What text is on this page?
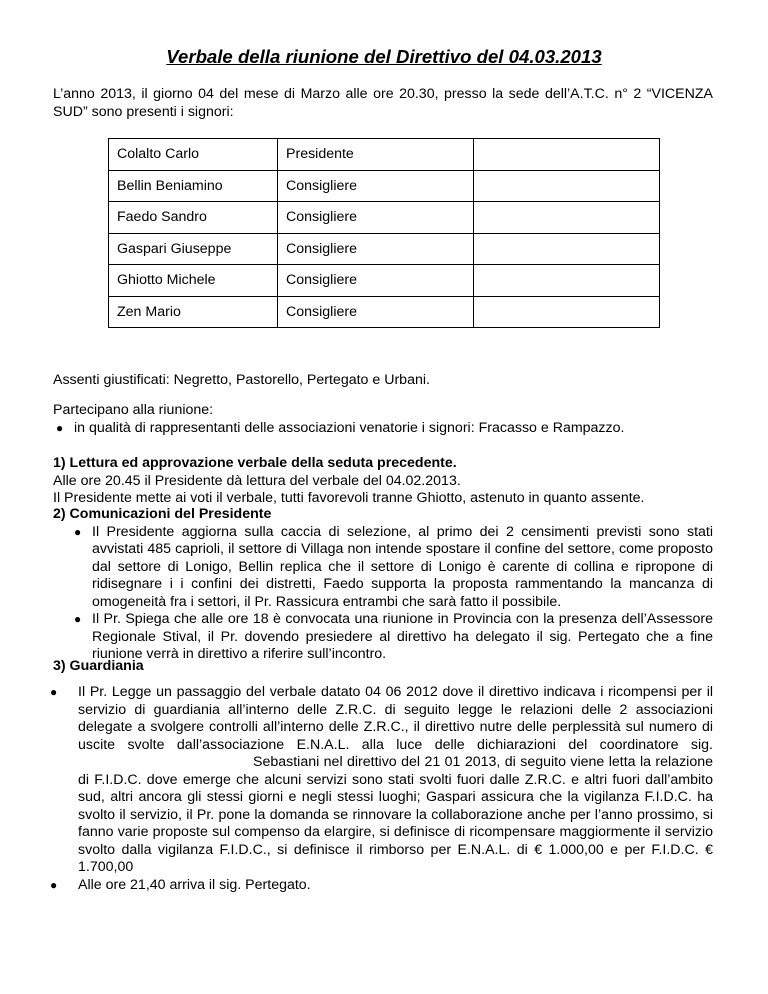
Verbale della riunione del Direttivo del 04.03.2013
L’anno 2013, il giorno 04 del mese di Marzo alle ore 20.30, presso la sede dell’A.T.C. n° 2 “VICENZA SUD” sono presenti i signori:
Colalto Carlo	Presidente	
Bellin Beniamino	Consigliere	
Faedo Sandro	Consigliere	
Gaspari Giuseppe	Consigliere	
Ghiotto Michele	Consigliere	
Zen Mario	Consigliere	
Assenti giustificati: Negretto, Pastorello, Pertegato e Urbani.
Partecipano alla riunione:
● in qualità di rappresentanti delle associazioni venatorie i signori: Fracasso e Rampazzo.
1) Lettura ed approvazione verbale della seduta precedente.
Alle ore 20.45 il Presidente dà lettura del verbale del 04.02.2013.
Il Presidente mette ai voti il verbale, tutti favorevoli tranne Ghiotto, astenuto in quanto assente.
2) Comunicazioni del Presidente
● Il Presidente aggiorna sulla caccia di selezione, al primo dei 2 censimenti previsti sono stati avvistati 485 caprioli, il settore di Villaga non intende spostare il confine del settore, come proposto dal settore di Lonigo, Bellin replica che il settore di Lonigo è carente di collina e ripropone di ridisegnare i i confini dei distretti, Faedo supporta la proposta rammentando la mancanza di omogeneità fra i settori, il Pr. Rassicura entrambi che sarà fatto il possibile.
● Il Pr. Spiega che alle ore 18 è convocata una riunione in Provincia con la presenza dell’Assessore Regionale Stival, il Pr. dovendo presiedere al direttivo ha delegato il sig. Pertegato che a fine riunione verrà in direttivo a riferire sull’incontro.
3) Guardiania
● Il Pr. Legge un passaggio del verbale datato 04 06 2012 dove il direttivo indicava i ricompensi per il servizio di guardiania all’interno delle Z.R.C. di seguito legge le relazioni delle 2 associazioni delegate a svolgere controlli all’interno delle Z.R.C., il direttivo nutre delle perplessità sul numero di uscite svolte dall’associazione E.N.A.L. alla luce delle dichiarazioni del coordinatore sig.Sebastiani nel direttivo del 21 01 2013, di seguito viene letta la relazione di F.I.D.C. dove emerge che alcuni servizi sono stati svolti fuori dalle Z.R.C. e altri fuori dall’ambito sud, altri ancora gli stessi giorni e negli stessi luoghi; Gaspari assicura che la vigilanza F.I.D.C. ha svolto il servizio, il Pr. pone la domanda se rinnovare la collaborazione anche per l’anno prossimo, si fanno varie proposte sul compenso da elargire, si definisce di ricompensare maggiormente il servizio svolto dalla vigilanza F.I.D.C., si definisce il rimborso per E.N.A.L. di € 1.000,00 e per F.I.D.C. € 1.700,00
● Alle ore 21,40 arriva il sig. Pertegato.
